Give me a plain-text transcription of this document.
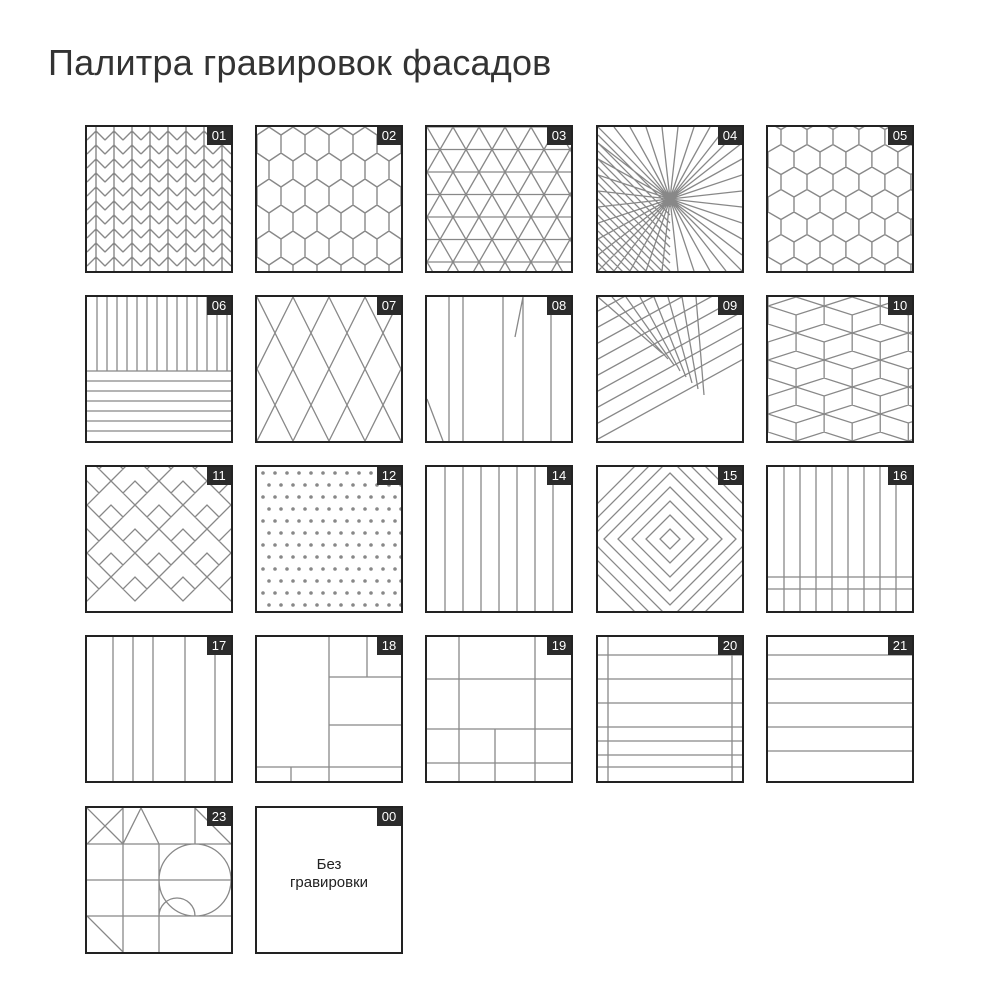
Палитра гравировок фасадов
01	02	03	04	05
06	07	08	09	10
11	12	14	15	16
17	18	19	20	21
23
Без
гравировки
00
